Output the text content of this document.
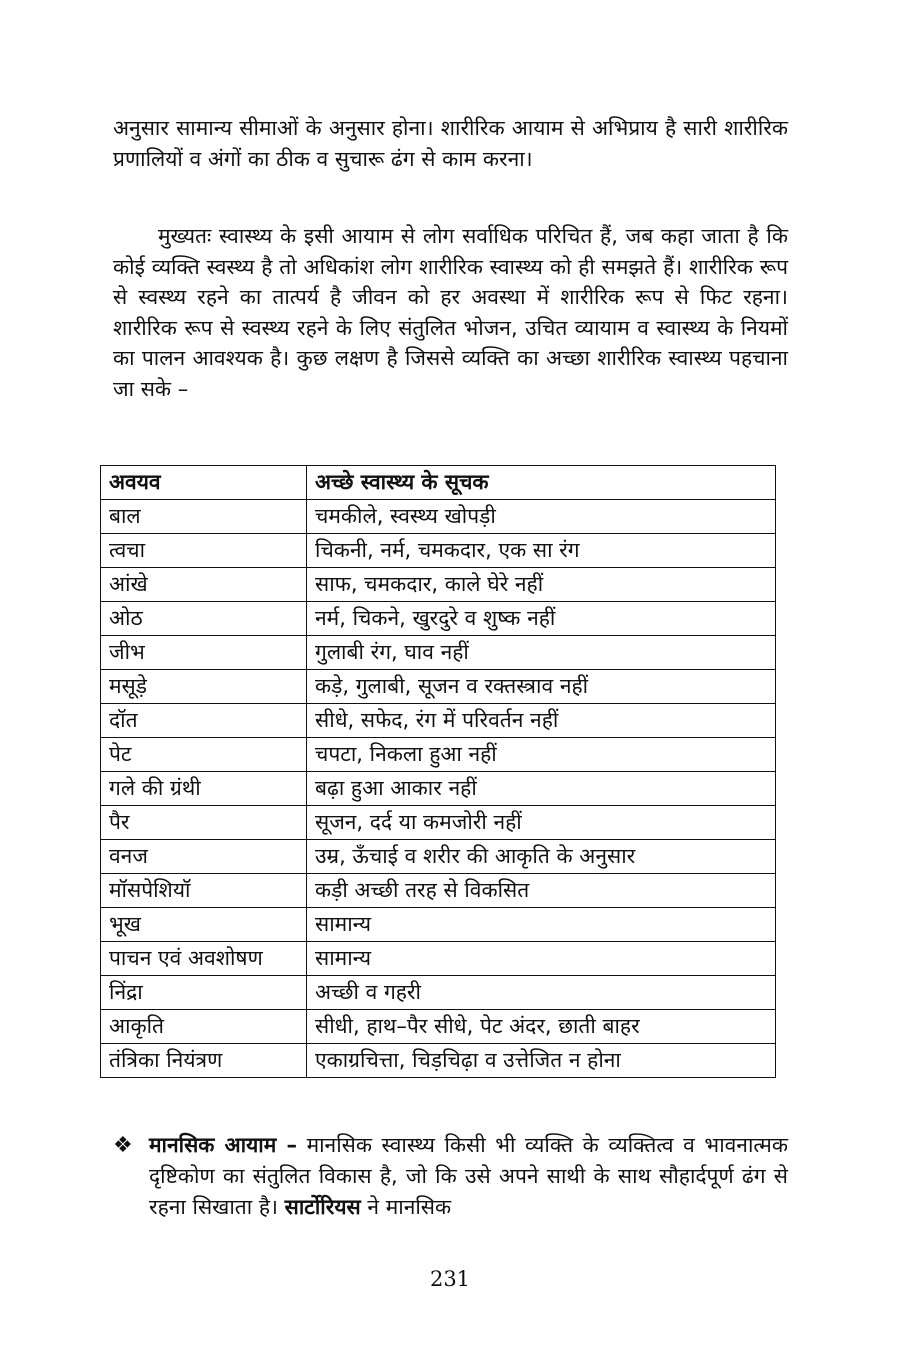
अनुसार सामान्य सीमाओं के अनुसार होना। शारीरिक आयाम से अभिप्राय है सारी शारीरिक प्रणालियों व अंगों का ठीक व सुचारू ढंग से काम करना।

मुख्यतः स्वास्थ्य के इसी आयाम से लोग सर्वाधिक परिचित हैं, जब कहा जाता है कि कोई व्यक्ति स्वस्थ्य है तो अधिकांश लोग शारीरिक स्वास्थ्य को ही समझते हैं। शारीरिक रूप से स्वस्थ्य रहने का तात्पर्य है जीवन को हर अवस्था में शारीरिक रूप से फिट रहना। शारीरिक रूप से स्वस्थ्य रहने के लिए संतुलित भोजन, उचित व्यायाम व स्वास्थ्य के नियमों का पालन आवश्यक है। कुछ लक्षण है जिससे व्यक्ति का अच्छा शारीरिक स्वास्थ्य पहचाना जा सके –

अवयव	अच्छे स्वास्थ्य के सूचक
बाल	चमकीले, स्वस्थ्य खोपड़ी
त्वचा	चिकनी, नर्म, चमकदार, एक सा रंग
आंखे	साफ, चमकदार, काले घेरे नहीं
ओठ	नर्म, चिकने, खुरदुरे व शुष्क नहीं
जीभ	गुलाबी रंग, घाव नहीं
मसूड़े	कड़े, गुलाबी, सूजन व रक्तस्त्राव नहीं
दॉत	सीधे, सफेद, रंग में परिवर्तन नहीं
पेट	चपटा, निकला हुआ नहीं
गले की ग्रंथी	बढ़ा हुआ आकार नहीं
पैर	सूजन, दर्द या कमजोरी नहीं
वनज	उम्र, ऊँचाई व शरीर की आकृति के अनुसार
मॉसपेशियॉ	कड़ी अच्छी तरह से विकसित
भूख	सामान्य
पाचन एवं अवशोषण	सामान्य
निंद्रा	अच्छी व गहरी
आकृति	सीधी, हाथ–पैर सीधे, पेट अंदर, छाती बाहर
तंत्रिका नियंत्रण	एकाग्रचित्ता, चिड़चिढ़ा व उत्तेजित न होना
❖ मानसिक आयाम – मानसिक स्वास्थ्य किसी भी व्यक्ति के व्यक्तित्व व भावनात्मक दृष्टिकोण का संतुलित विकास है, जो कि उसे अपने साथी के साथ सौहार्दपूर्ण ढंग से रहना सिखाता है। सार्टोरियस ने मानसिक

231
